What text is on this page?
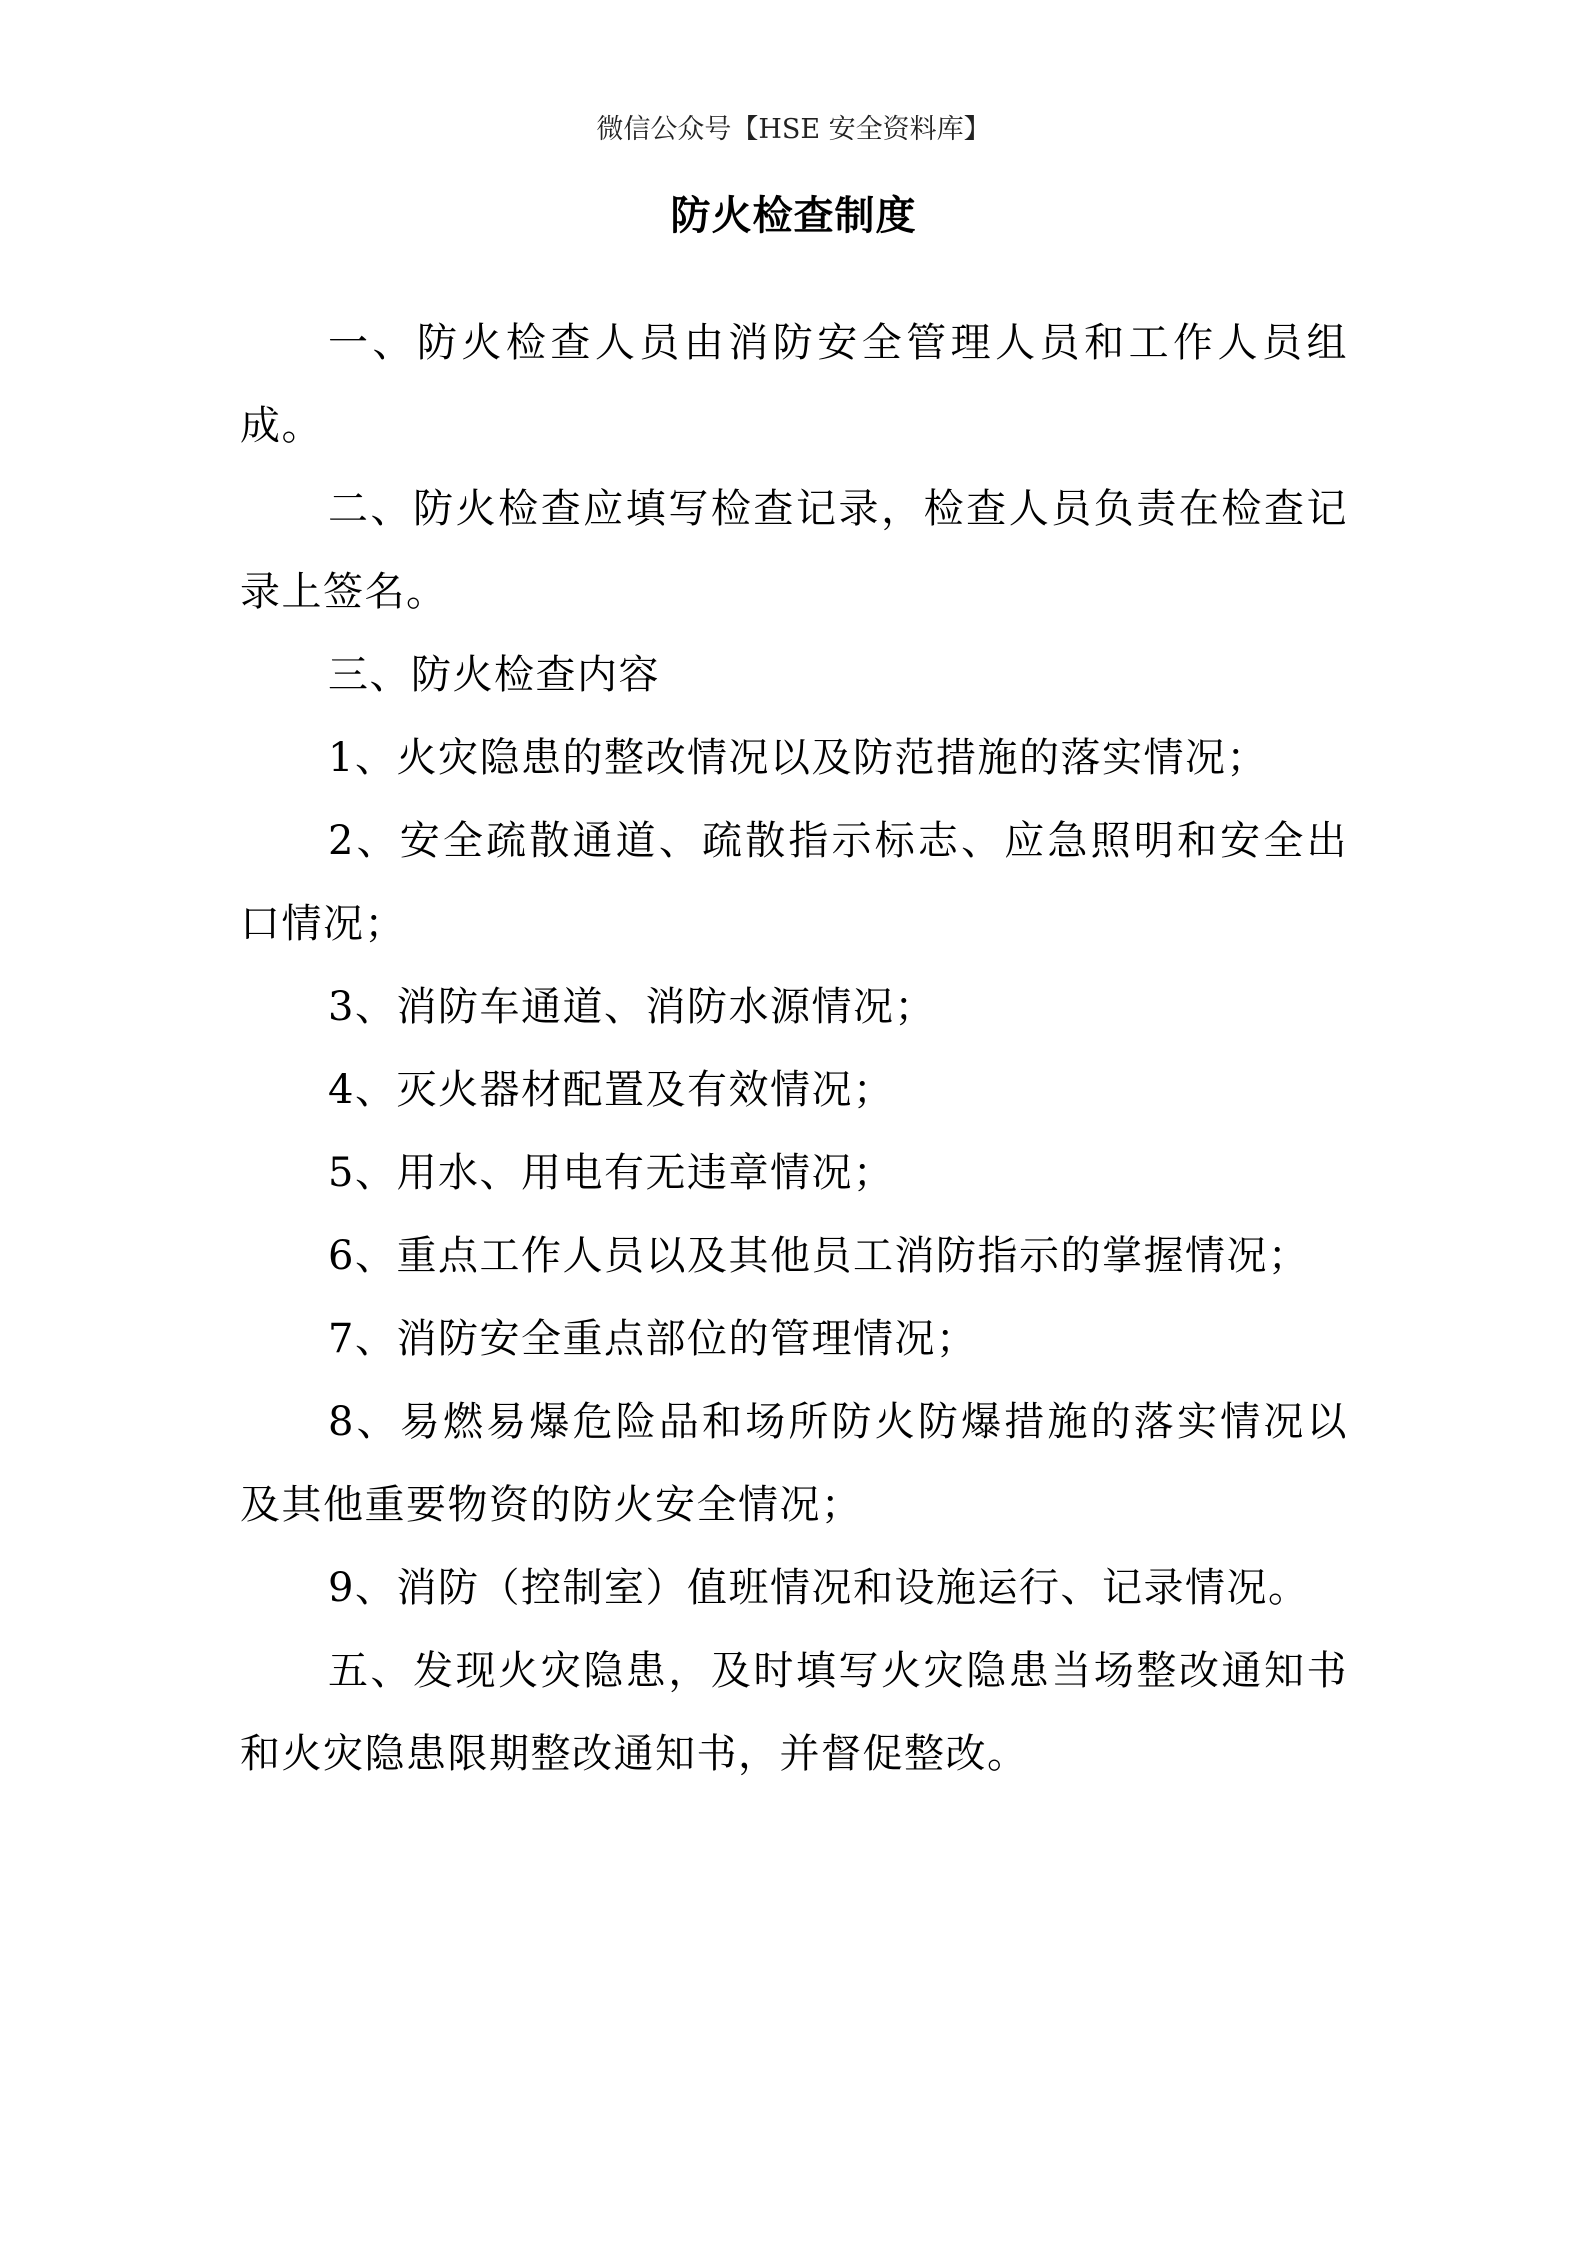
微信公众号【HSE 安全资料库】
防火检查制度

一、防火检查人员由消防安全管理人员和工作人员组成。

二、防火检查应填写检查记录，检查人员负责在检查记录上签名。

三、防火检查内容

1、火灾隐患的整改情况以及防范措施的落实情况；

2、安全疏散通道、疏散指示标志、应急照明和安全出口情况；

3、消防车通道、消防水源情况；

4、灭火器材配置及有效情况；

5、用水、用电有无违章情况；

6、重点工作人员以及其他员工消防指示的掌握情况；

7、消防安全重点部位的管理情况；

8、易燃易爆危险品和场所防火防爆措施的落实情况以及其他重要物资的防火安全情况；

9、消防（控制室）值班情况和设施运行、记录情况。

五、发现火灾隐患，及时填写火灾隐患当场整改通知书和火灾隐患限期整改通知书，并督促整改。
